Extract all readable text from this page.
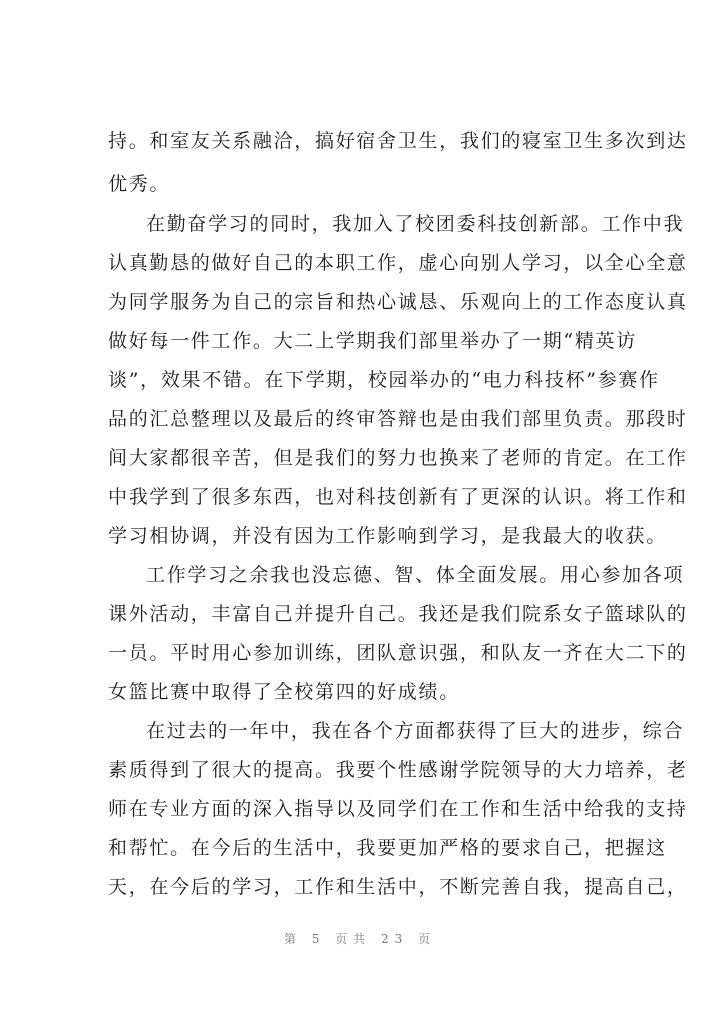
持。和室友关系融洽，搞好宿舍卫生，我们的寝室卫生多次到达
优秀。
在勤奋学习的同时，我加入了校团委科技创新部。工作中我
认真勤恳的做好自己的本职工作，虚心向别人学习，以全心全意
为同学服务为自己的宗旨和热心诚恳、乐观向上的工作态度认真
做好每一件工作。大二上学期我们部里举办了一期“精英访
谈”，效果不错。在下学期，校园举办的“电力科技杯”参赛作
品的汇总整理以及最后的终审答辩也是由我们部里负责。那段时
间大家都很辛苦，但是我们的努力也换来了老师的肯定。在工作
中我学到了很多东西，也对科技创新有了更深的认识。将工作和
学习相协调，并没有因为工作影响到学习，是我最大的收获。
工作学习之余我也没忘德、智、体全面发展。用心参加各项
课外活动，丰富自己并提升自己。我还是我们院系女子篮球队的
一员。平时用心参加训练，团队意识强，和队友一齐在大二下的
女篮比赛中取得了全校第四的好成绩。
在过去的一年中，我在各个方面都获得了巨大的进步，综合
素质得到了很大的提高。我要个性感谢学院领导的大力培养，老
师在专业方面的深入指导以及同学们在工作和生活中给我的支持
和帮忙。在今后的生活中，我要更加严格的要求自己，把握这
天，在今后的学习，工作和生活中，不断完善自我，提高自己，
第 5 页共 23 页
